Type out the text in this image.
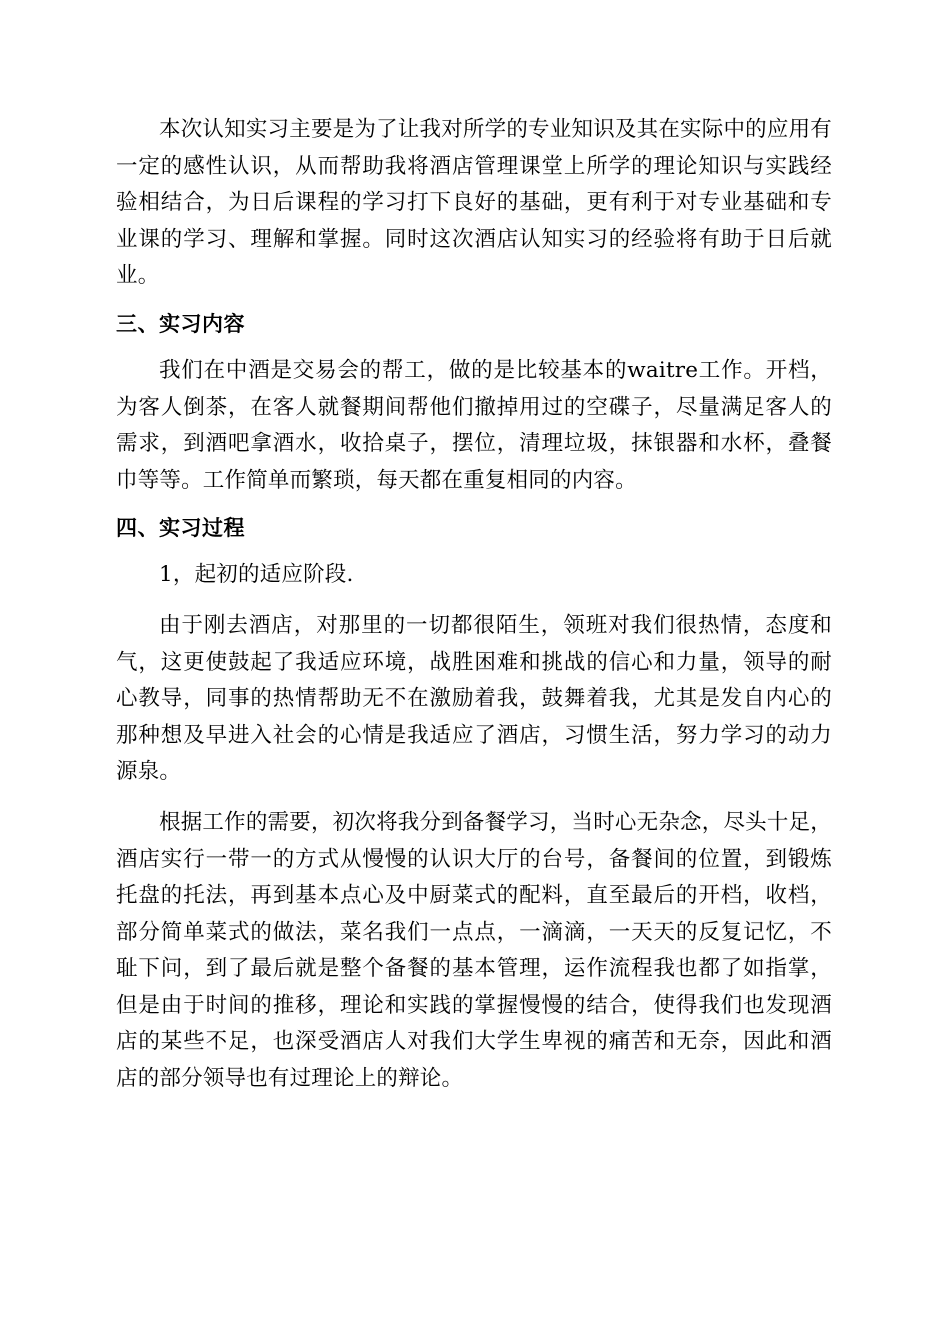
本次认知实习主要是为了让我对所学的专业知识及其在实际中的应用有一定的感性认识，从而帮助我将酒店管理课堂上所学的理论知识与实践经验相结合，为日后课程的学习打下良好的基础，更有利于对专业基础和专业课的学习、理解和掌握。同时这次酒店认知实习的经验将有助于日后就业。

三、实习内容

我们在中酒是交易会的帮工，做的是比较基本的waitre工作。开档，为客人倒茶，在客人就餐期间帮他们撤掉用过的空碟子，尽量满足客人的需求，到酒吧拿酒水，收拾桌子，摆位，清理垃圾，抹银器和水杯，叠餐巾等等。工作简单而繁琐，每天都在重复相同的内容。

四、实习过程

1，起初的适应阶段.

由于刚去酒店，对那里的一切都很陌生，领班对我们很热情，态度和气，这更使鼓起了我适应环境，战胜困难和挑战的信心和力量，领导的耐心教导，同事的热情帮助无不在激励着我，鼓舞着我，尤其是发自内心的那种想及早进入社会的心情是我适应了酒店，习惯生活，努力学习的动力源泉。

根据工作的需要，初次将我分到备餐学习，当时心无杂念，尽头十足，酒店实行一带一的方式从慢慢的认识大厅的台号，备餐间的位置，到锻炼托盘的托法，再到基本点心及中厨菜式的配料，直至最后的开档，收档，部分简单菜式的做法，菜名我们一点点，一滴滴，一天天的反复记忆，不耻下问，到了最后就是整个备餐的基本管理，运作流程我也都了如指掌，但是由于时间的推移，理论和实践的掌握慢慢的结合，使得我们也发现酒店的某些不足，也深受酒店人对我们大学生卑视的痛苦和无奈，因此和酒店的部分领导也有过理论上的辩论。
